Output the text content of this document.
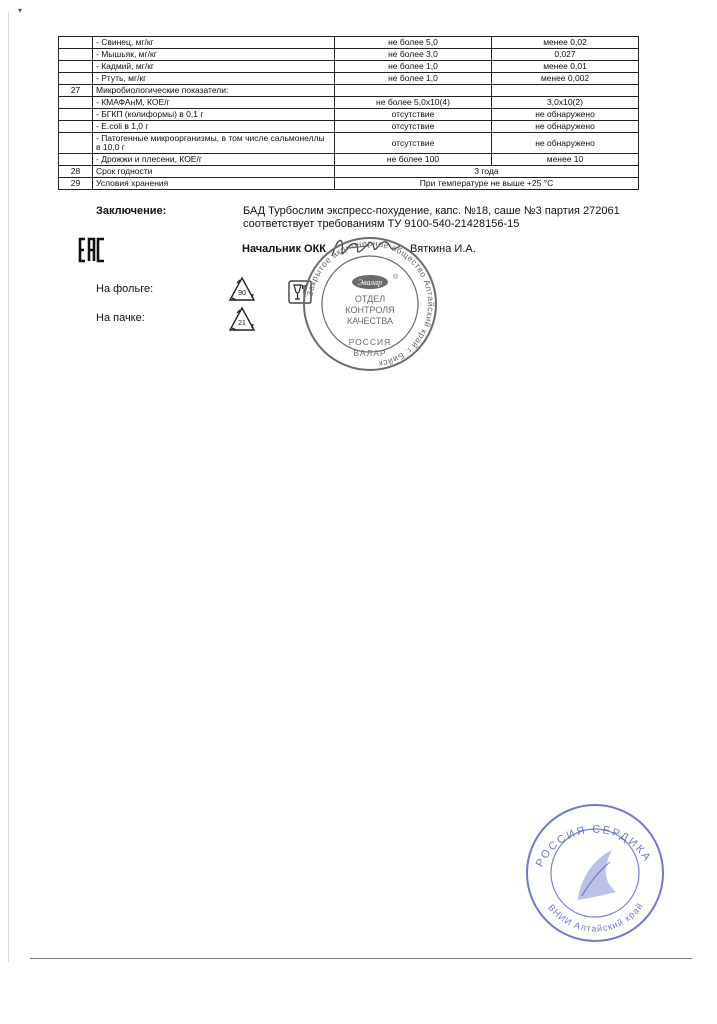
▾
	- Свинец, мг/кг	не более 5,0	менее 0,02
	- Мышьяк, мг/кг	не более 3,0	0,027
	- Кадмий, мг/кг	не более 1,0	менее 0,01
	- Ртуть, мг/кг	не более 1,0	менее 0,002
27	Микробиологические показатели:		
	- КМАФАнМ, КОЕ/г	не более 5,0х10(4)	3,0х10(2)
	- БГКП (колиформы) в 0,1 г	отсутствие	не обнаружено
	- E.coli в 1,0 г	отсутствие	не обнаружено
	- Патогенные микроорганизмы, в том числе сальмонеллы в 10,0 г	отсутствие	не обнаружено
	- Дрожжи и плесени, КОЕ/г	не более 100	менее 10
28	Срок годности	3 года	
29	Условия хранения	При температуре не выше +25 °С	
Заключение:	БАД Турбослим экспресс-похудение, капс. №18, саше №3 партия 272061
соответствует требованиям ТУ 9100-540-21428156-15
Начальник ОКК	Вяткина И.А.
На фольге:
На пачке:
90
21
Закрытое акционерное общество Алтайский край г. Бийск
Эвалар
®
ОТДЕЛ
КОНТРОЛЯ
КАЧЕСТВА
РОССИЯ
ВАЛАР
РОССИЯ СЕРДИКА
ВНИИ Алтайский край
